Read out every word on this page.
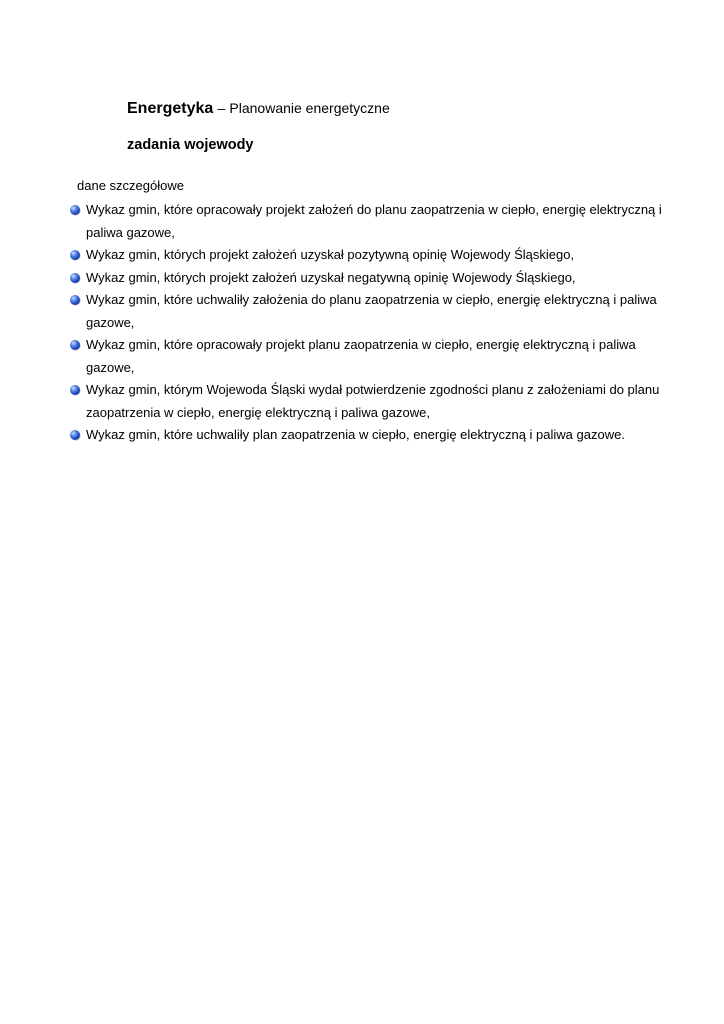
Energetyka – Planowanie energetyczne
zadania wojewody
dane szczegółowe
Wykaz gmin, które opracowały projekt założeń do planu zaopatrzenia w ciepło, energię elektryczną i paliwa gazowe,
Wykaz gmin, których projekt założeń uzyskał pozytywną opinię Wojewody Śląskiego,
Wykaz gmin, których projekt założeń uzyskał negatywną opinię Wojewody Śląskiego,
Wykaz gmin, które uchwaliły założenia do planu zaopatrzenia w ciepło, energię elektryczną i paliwa gazowe,
Wykaz gmin, które opracowały projekt planu zaopatrzenia w ciepło, energię elektryczną i paliwa gazowe,
Wykaz gmin, którym Wojewoda Śląski wydał potwierdzenie zgodności planu z założeniami do planu zaopatrzenia w ciepło, energię elektryczną i paliwa gazowe,
Wykaz gmin, które uchwaliły plan zaopatrzenia w ciepło, energię elektryczną i paliwa gazowe.
